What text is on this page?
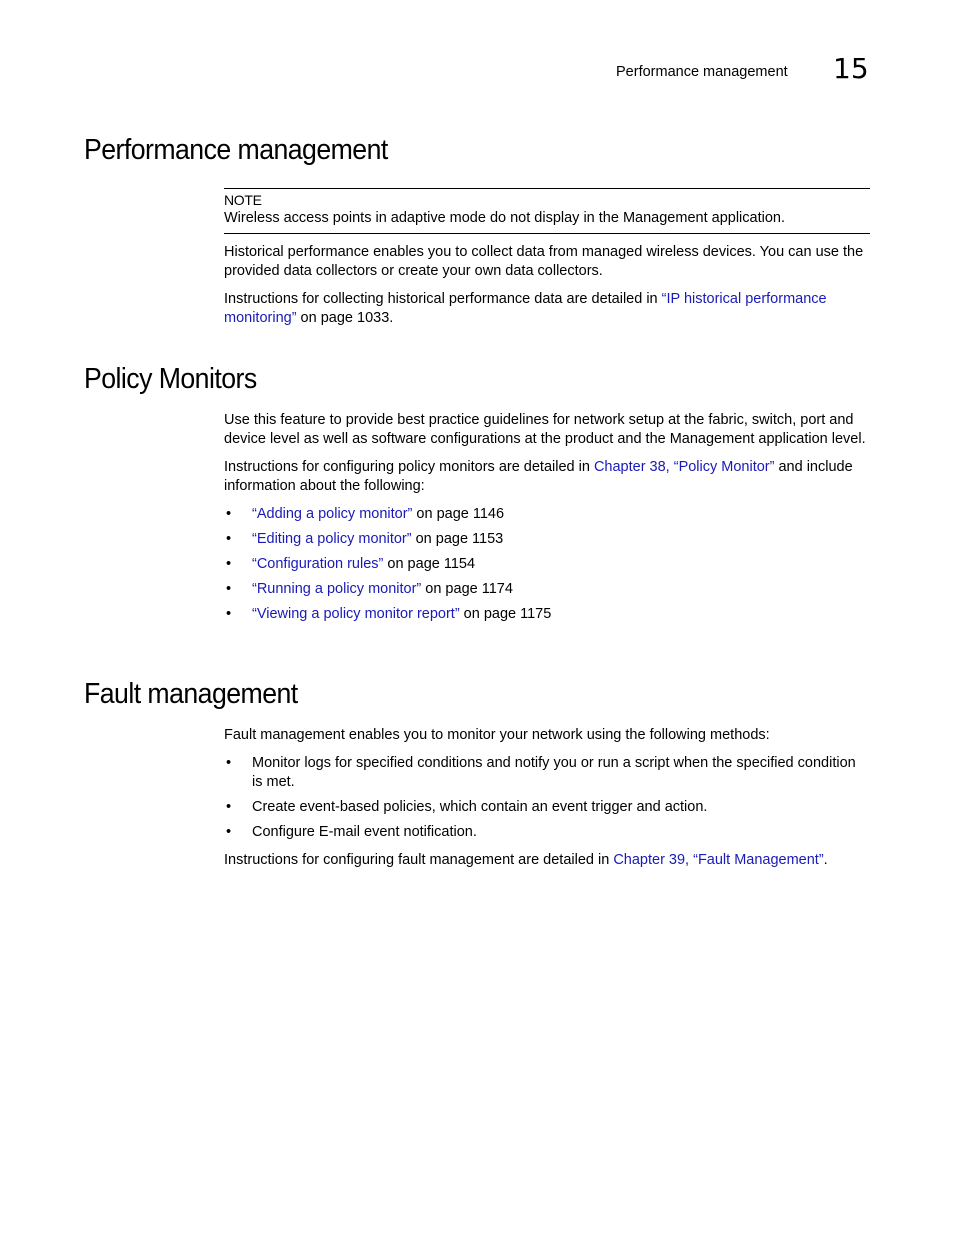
Performance management 15
Performance management
NOTE
Wireless access points in adaptive mode do not display in the Management application.

Historical performance enables you to collect data from managed wireless devices. You can use the provided data collectors or create your own data collectors.

Instructions for collecting historical performance data are detailed in “IP historical performance monitoring” on page 1033.

Policy Monitors

Use this feature to provide best practice guidelines for network setup at the fabric, switch, port and device level as well as software configurations at the product and the Management application level.

Instructions for configuring policy monitors are detailed in Chapter 38, “Policy Monitor” and include information about the following:

• “Adding a policy monitor” on page 1146
• “Editing a policy monitor” on page 1153
• “Configuration rules” on page 1154
• “Running a policy monitor” on page 1174
• “Viewing a policy monitor report” on page 1175
Fault management

Fault management enables you to monitor your network using the following methods:

• Monitor logs for specified conditions and notify you or run a script when the specified condition is met.
• Create event-based policies, which contain an event trigger and action.
• Configure E-mail event notification.

Instructions for configuring fault management are detailed in Chapter 39, “Fault Management”.
